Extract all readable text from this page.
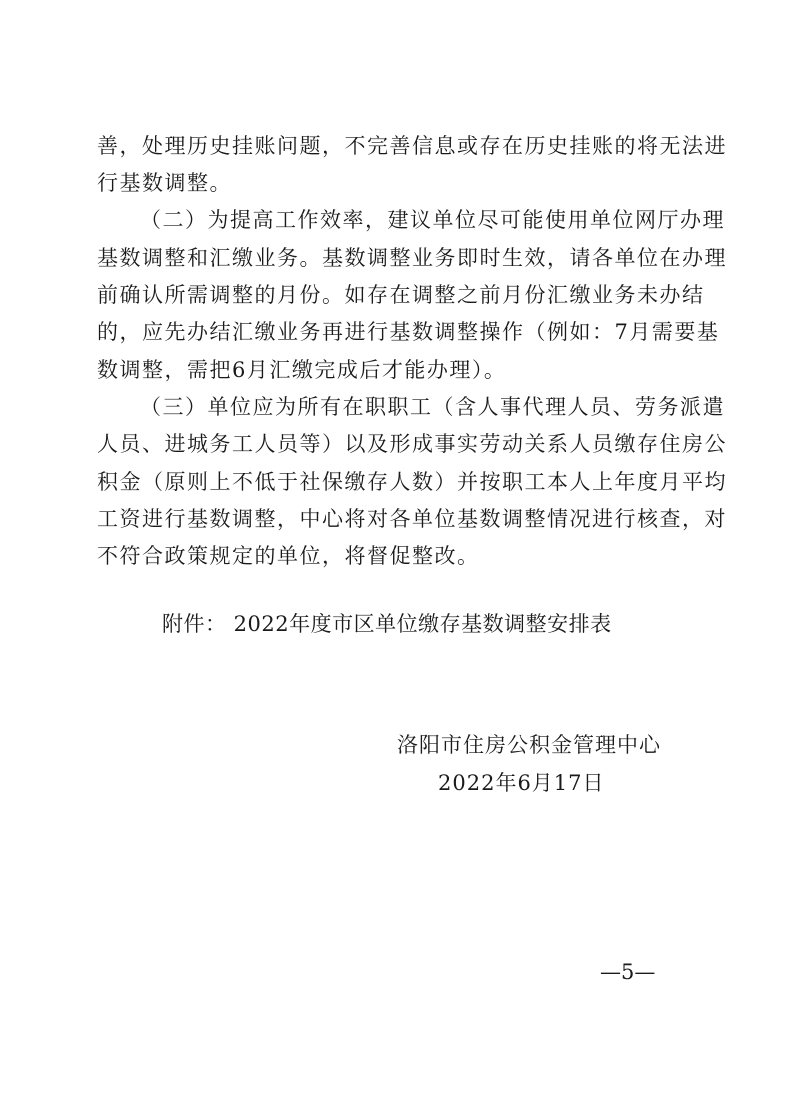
善，处理历史挂账问题，不完善信息或存在历史挂账的将无法进
行基数调整。
（二）为提高工作效率，建议单位尽可能使用单位网厅办理
基数调整和汇缴业务。基数调整业务即时生效，请各单位在办理
前确认所需调整的月份。如存在调整之前月份汇缴业务未办结
的，应先办结汇缴业务再进行基数调整操作（例如：7月需要基
数调整，需把6月汇缴完成后才能办理）。
（三）单位应为所有在职职工（含人事代理人员、劳务派遣
人员、进城务工人员等）以及形成事实劳动关系人员缴存住房公
积金（原则上不低于社保缴存人数）并按职工本人上年度月平均
工资进行基数调整，中心将对各单位基数调整情况进行核查，对
不符合政策规定的单位，将督促整改。
附件： 2022年度市区单位缴存基数调整安排表
洛阳市住房公积金管理中心
2022年6月17日
—5—
